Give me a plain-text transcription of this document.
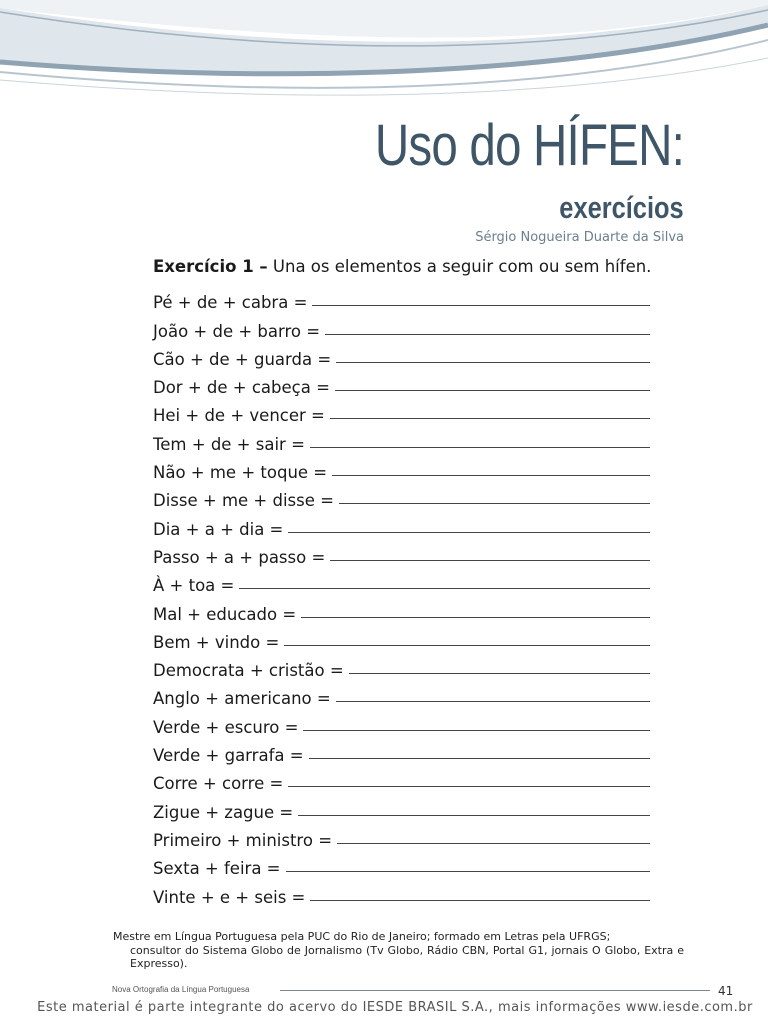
Uso do HÍFEN:
exercícios
Sérgio Nogueira Duarte da Silva
Exercício 1 – Una os elementos a seguir com ou sem hífen.
Pé + de + cabra =
João + de + barro =
Cão + de + guarda =
Dor + de + cabeça =
Hei + de + vencer =
Tem + de + sair =
Não + me + toque =
Disse + me + disse =
Dia + a + dia =
Passo + a + passo =
À + toa =
Mal + educado =
Bem + vindo =
Democrata + cristão =
Anglo + americano =
Verde + escuro =
Verde + garrafa =
Corre + corre =
Zigue + zague =
Primeiro + ministro =
Sexta + feira =
Vinte + e + seis =
Mestre em Língua Portuguesa pela PUC do Rio de Janeiro; formado em Letras pela UFRGS;
consultor do Sistema Globo de Jornalismo (Tv Globo, Rádio CBN, Portal G1, jornais O Globo, Extra e Expresso).
Nova Ortografia da Língua Portuguesa	41
Este material é parte integrante do acervo do IESDE BRASIL S.A., mais informações www.iesde.com.br
